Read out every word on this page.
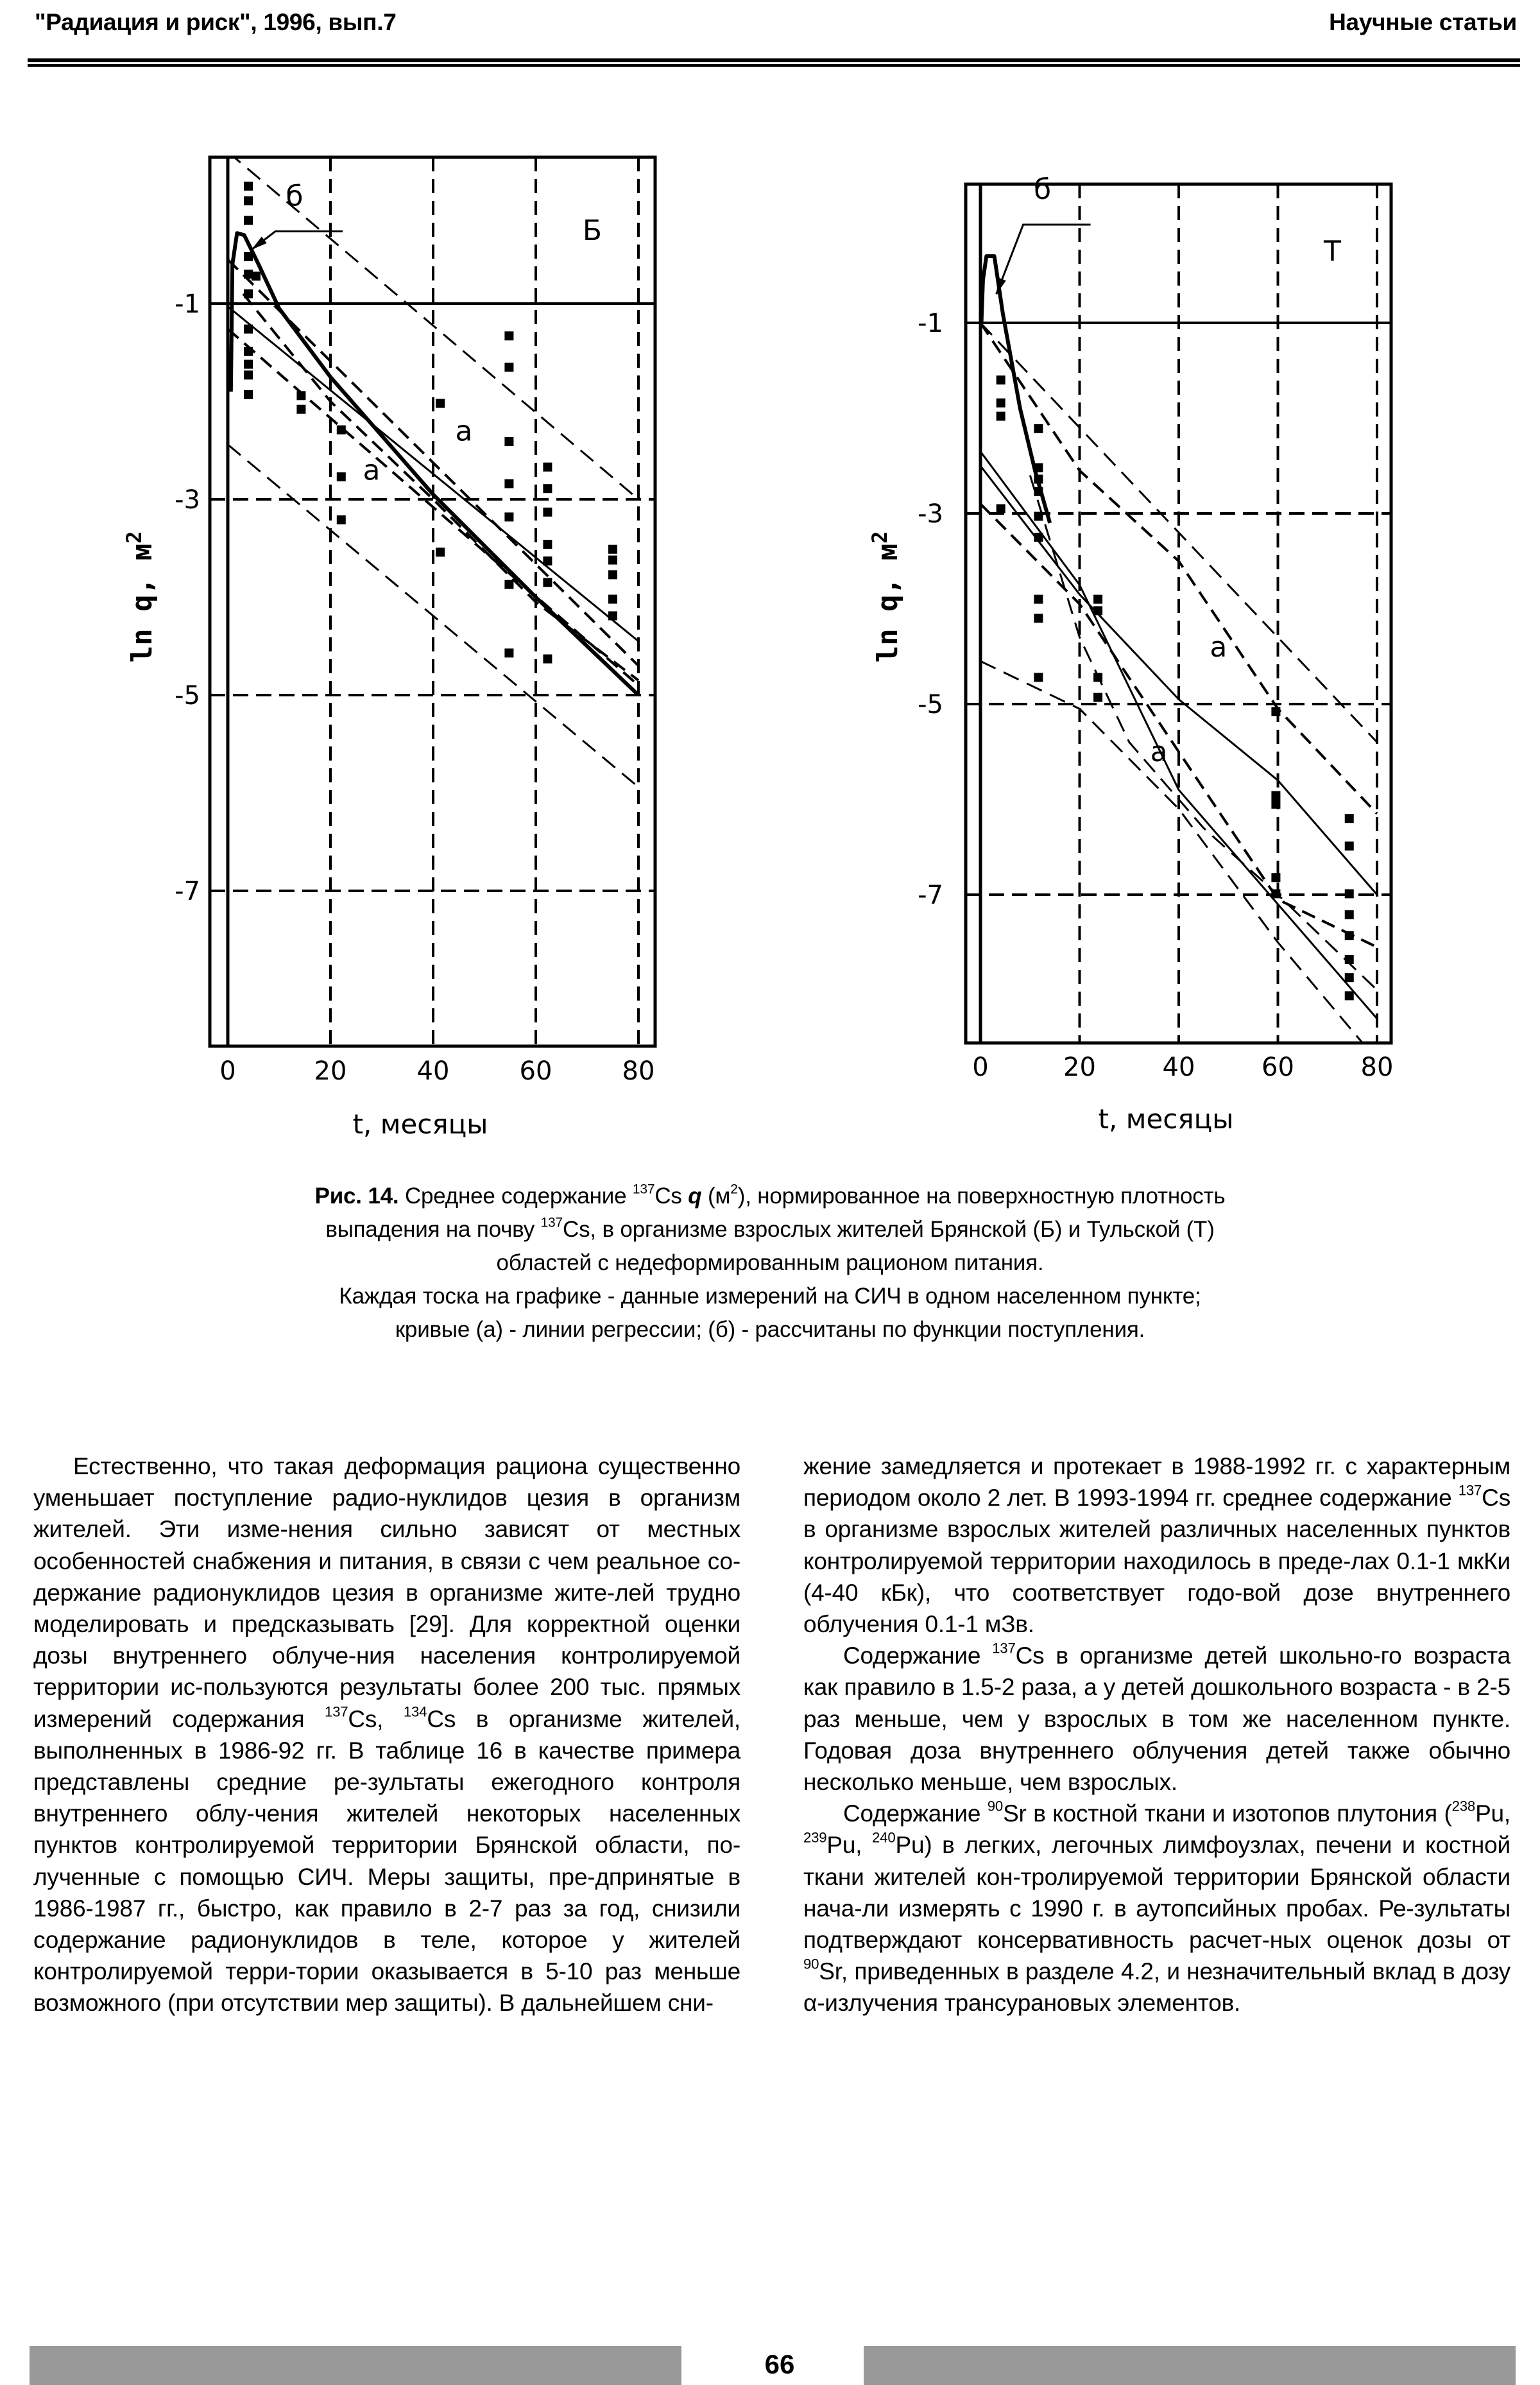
"Радиация и риск", 1996, вып.7	Научные статьи
0	20	40	60	80
-1
-3
-5
-7
б
Б
а
а
t, месяцы
ln q, $м^2$
0	20	40	60	80
-1
-3
-5
-7
б
Т
а
а
t, месяцы
ln q, $м^2$
Рис. 14. Среднее содержание $^{137}$Cs q $(м^2)$, нормированное на поверхностную плотность
выпадения на почву $^{137}$Cs, в организме взрослых жителей Брянской (Б) и Тульской (Т)
областей с недеформированным рационом питания.
Каждая тоска на графике - данные измерений на СИЧ в одном населенном пункте;
кривые (а) - линии регрессии; (б) - рассчитаны по функции поступления.

Естественно, что такая деформация рациона существенно уменьшает поступление радио-нуклидов цезия в организм жителей. Эти изме-нения сильно зависят от местных особенностей снабжения и питания, в связи с чем реальное со-держание радионуклидов цезия в организме жите-лей трудно моделировать и предсказывать [29]. Для корректной оценки дозы внутреннего облуче-ния населения контролируемой территории ис-пользуются результаты более 200 тыс. прямых измерений содержания $^{137}$Cs, $^{134}$Cs в организме жителей, выполненных в 1986-92 гг. В таблице 16 в качестве примера представлены средние ре-зультаты ежегодного контроля внутреннего облу-чения жителей некоторых населенных пунктов контролируемой территории Брянской области, по-лученные с помощью СИЧ. Меры защиты, пре-дпринятые в 1986-1987 гг., быстро, как правило в 2-7 раз за год, снизили содержание радионуклидов в теле, которое у жителей контролируемой терри-тории оказывается в 5-10 раз меньше возможного (при отсутствии мер защиты). В дальнейшем сни-

жение замедляется и протекает в 1988-1992 гг. с характерным периодом около 2 лет. В 1993-1994 гг. среднее содержание $^{137}$Cs в организме взрослых жителей различных населенных пунктов контролируемой территории находилось в преде-лах 0.1-1 мкКи (4-40 кБк), что соответствует годо-вой дозе внутреннего облучения 0.1-1 мЗв.

Содержание $^{137}$Cs в организме детей школьно-го возраста как правило в 1.5-2 раза, а у детей дошкольного возраста - в 2-5 раз меньше, чем у взрослых в том же населенном пункте. Годовая доза внутреннего облучения детей также обычно несколько меньше, чем взрослых.

Содержание $^{90}$Sr в костной ткани и изотопов плутония ($^{238}$Pu, $^{239}$Pu, $^{240}$Pu) в легких, легочных лимфоузлах, печени и костной ткани жителей кон-тролируемой территории Брянской области нача-ли измерять с 1990 г. в аутопсийных пробах. Ре-зультаты подтверждают консервативность расчет-ных оценок дозы от $^{90}$Sr, приведенных в разделе 4.2, и незначительный вклад в дозу α-излучения трансурановых элементов.

66
